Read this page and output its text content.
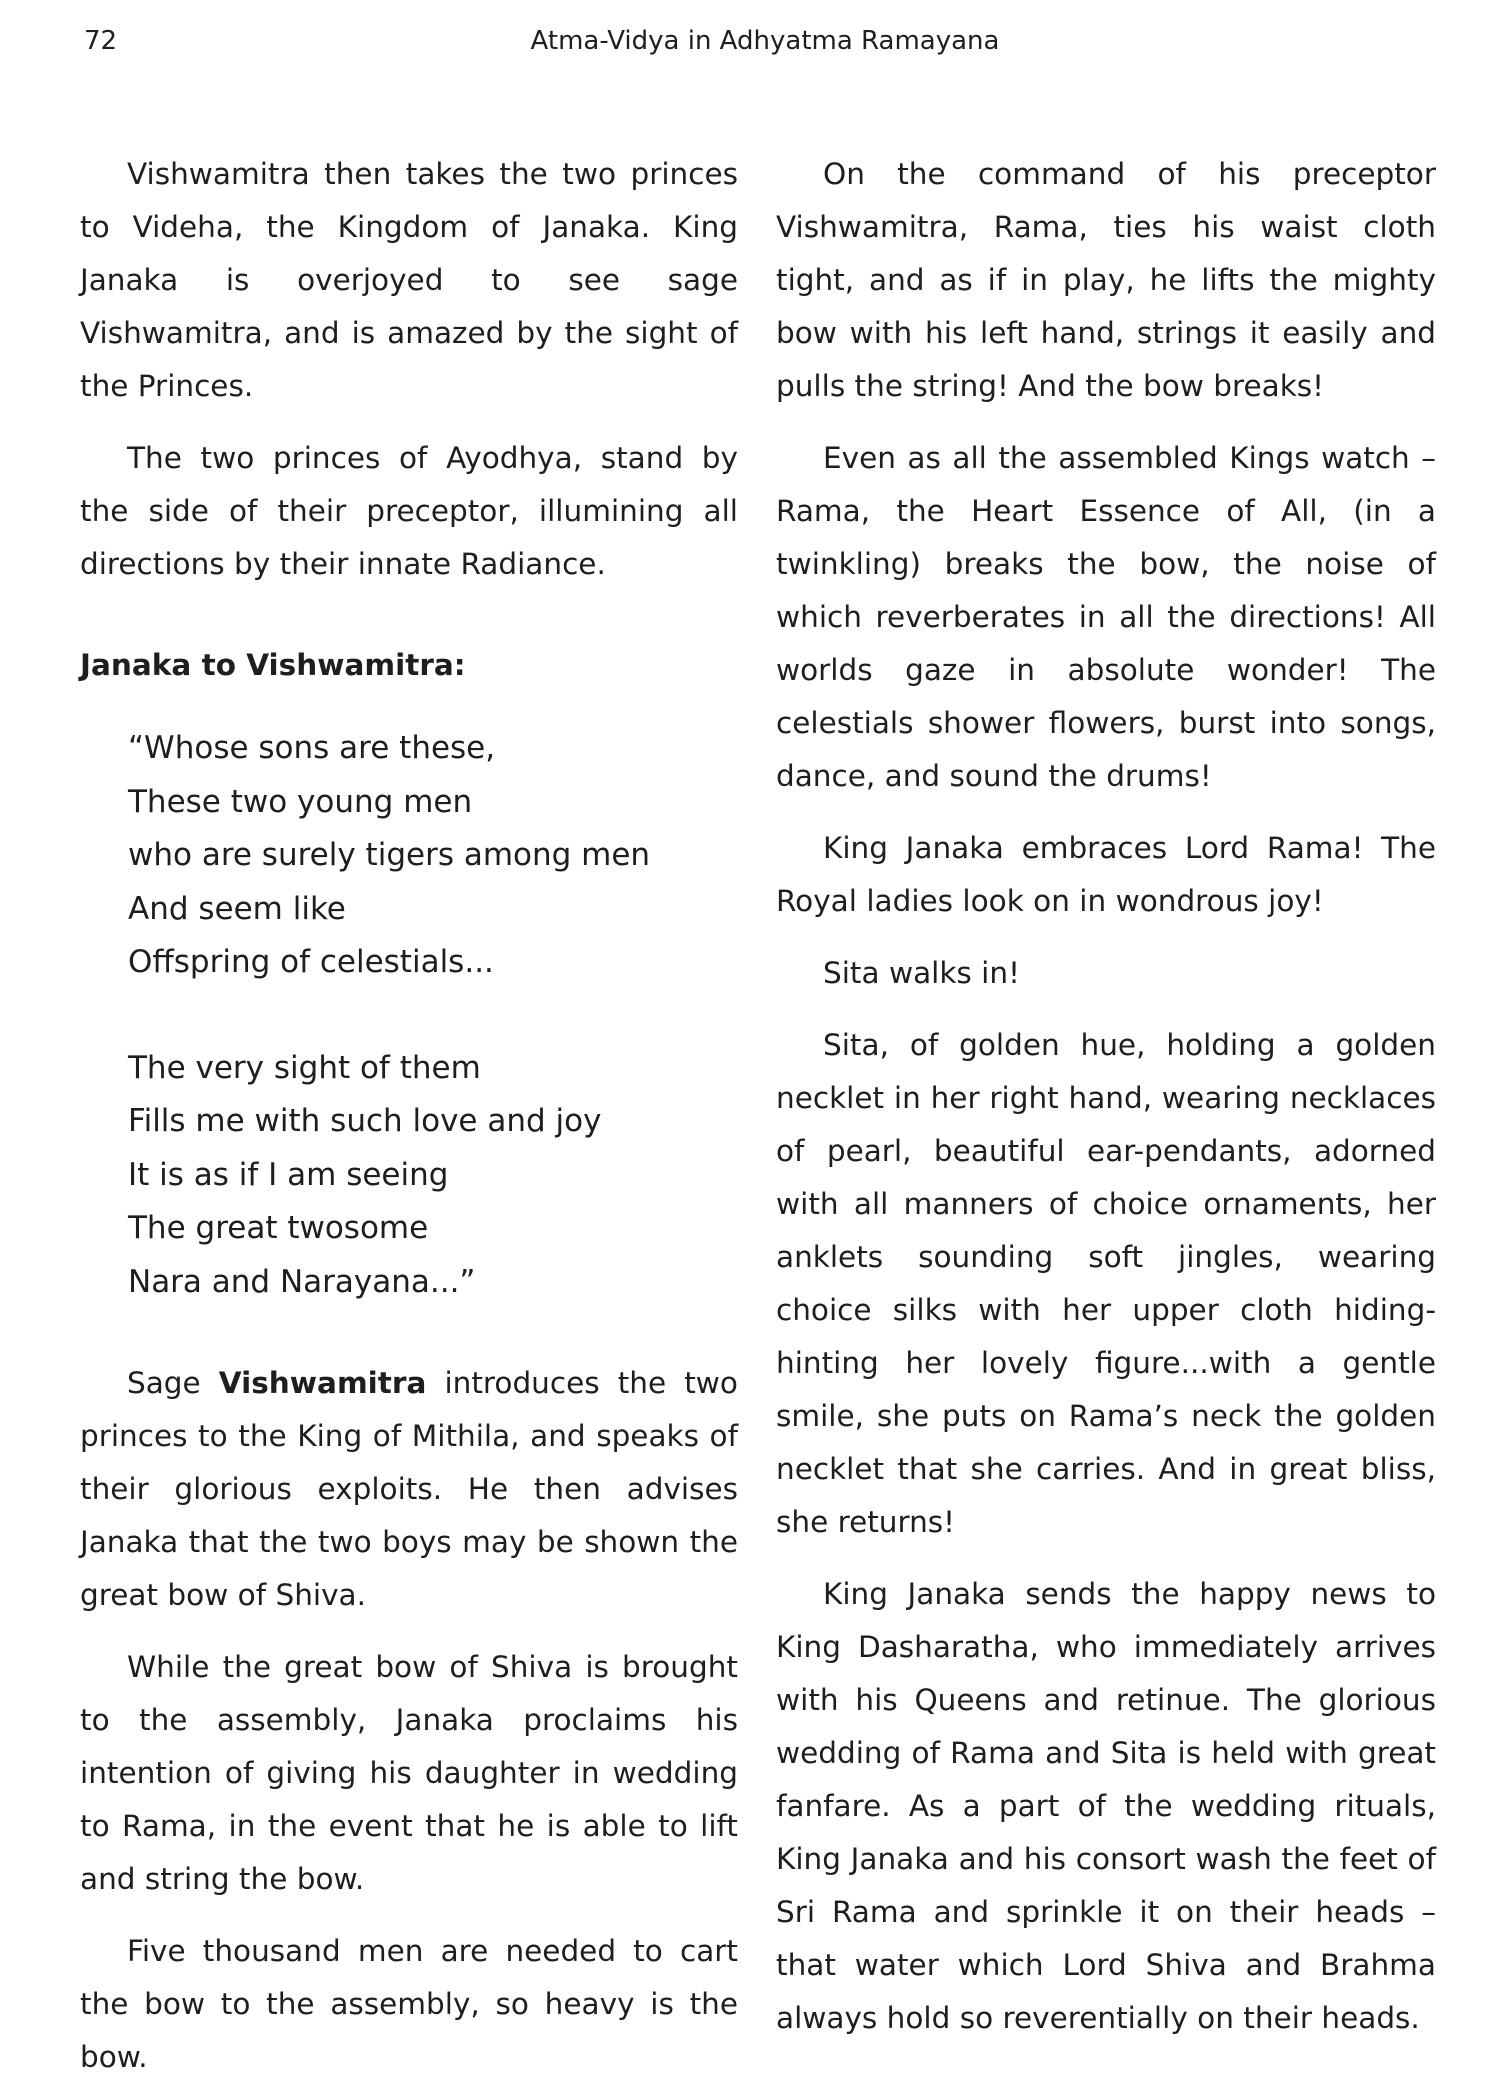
72	Atma-Vidya in Adhyatma Ramayana

Vishwamitra then takes the two princes to Videha, the Kingdom of Janaka. King Janaka is overjoyed to see sage Vishwamitra, and is amazed by the sight of the Princes.

The two princes of Ayodhya, stand by the side of their preceptor, illumining all directions by their innate Radiance.

Janaka to Vishwamitra:
“Whose sons are these,
These two young men
who are surely tigers among men
And seem like
Offspring of celestials...
The very sight of them
Fills me with such love and joy
It is as if I am seeing
The great twosome
Nara and Narayana...”

Sage Vishwamitra introduces the two princes to the King of Mithila, and speaks of their glorious exploits. He then advises Janaka that the two boys may be shown the great bow of Shiva.

While the great bow of Shiva is brought to the assembly, Janaka proclaims his intention of giving his daughter in wedding to Rama, in the event that he is able to lift and string the bow.

Five thousand men are needed to cart the bow to the assembly, so heavy is the bow.

On the command of his preceptor Vishwamitra, Rama, ties his waist cloth tight, and as if in play, he lifts the mighty bow with his left hand, strings it easily and pulls the string! And the bow breaks!

Even as all the assembled Kings watch – Rama, the Heart Essence of All, (in a twinkling) breaks the bow, the noise of which reverberates in all the directions! All worlds gaze in absolute wonder! The celestials shower flowers, burst into songs, dance, and sound the drums!

King Janaka embraces Lord Rama! The Royal ladies look on in wondrous joy!

Sita walks in!

Sita, of golden hue, holding a golden necklet in her right hand, wearing necklaces of pearl, beautiful ear-pendants, adorned with all manners of choice ornaments, her anklets sounding soft jingles, wearing choice silks with her upper cloth hiding-hinting her lovely figure...with a gentle smile, she puts on Rama’s neck the golden necklet that she carries. And in great bliss, she returns!

King Janaka sends the happy news to King Dasharatha, who immediately arrives with his Queens and retinue. The glorious wedding of Rama and Sita is held with great fanfare. As a part of the wedding rituals, King Janaka and his consort wash the feet of Sri Rama and sprinkle it on their heads – that water which Lord Shiva and Brahma always hold so reverentially on their heads.
